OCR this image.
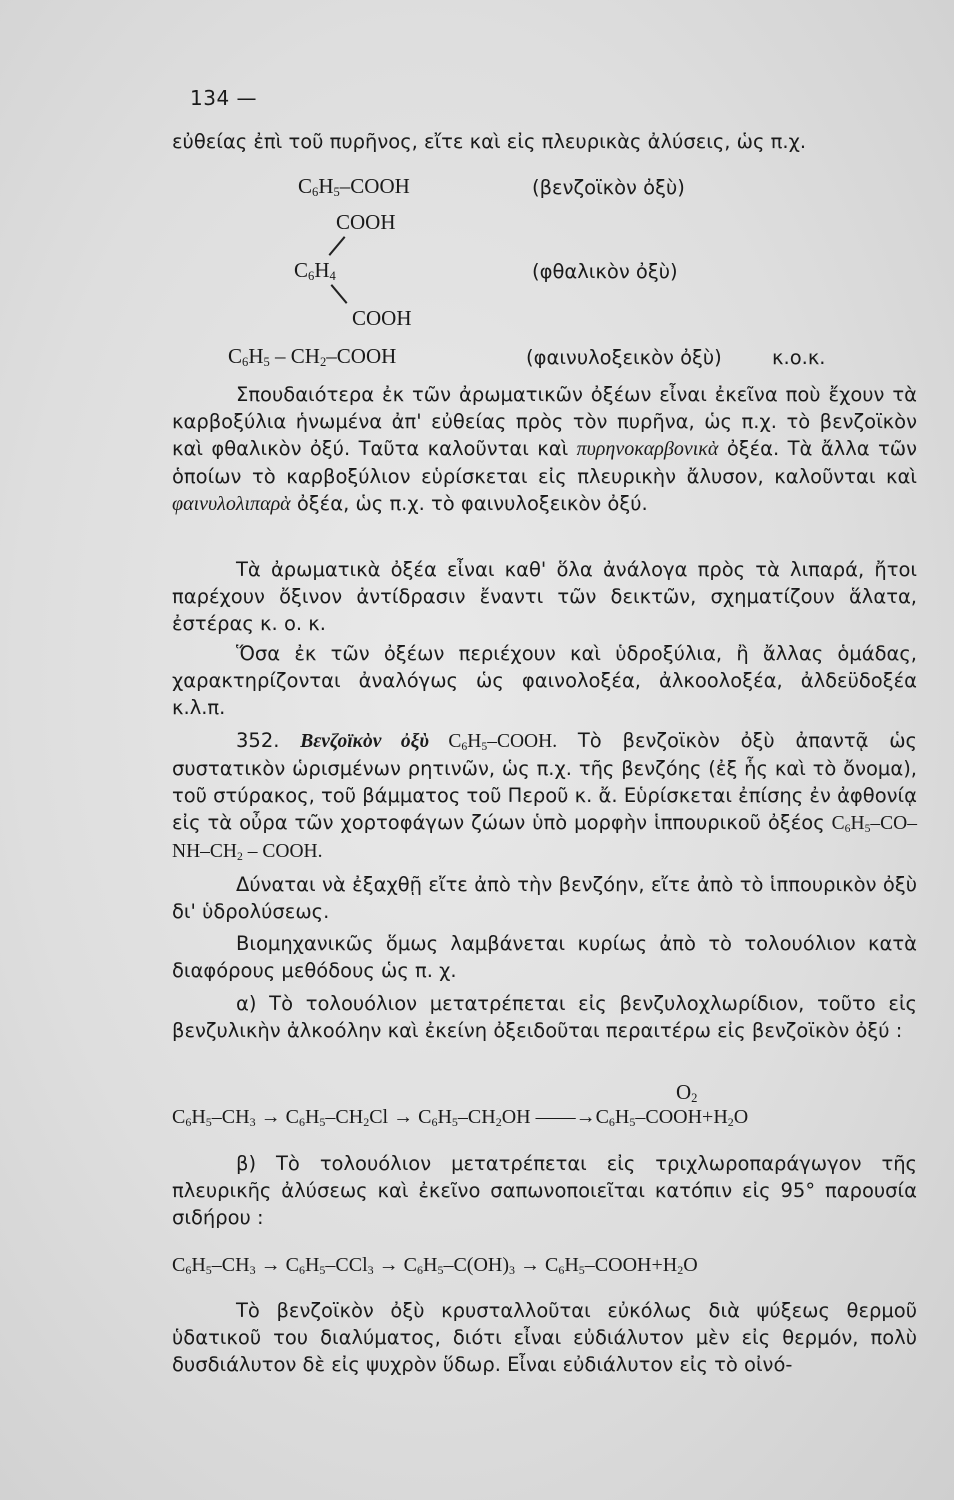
134 —

εὐθείας ἐπὶ τοῦ πυρῆνος, εἴτε καὶ εἰς πλευρικὰς ἀλύσεις, ὡς π.χ.

$C_6H_5$–COOH	(βενζοϊκὸν ὀξὺ)
COOH
$C_6H_4$	(φθαλικὸν ὀξὺ)
COOH
$C_6H_5$ – $CH_2$–COOH	(φαινυλοξεικὸν ὀξὺ)	κ.ο.κ.

Σπουδαιότερα ἐκ τῶν ἀρωματικῶν ὀξέων εἶναι ἐκεῖνα ποὺ ἔχουν τὰ καρβοξύλια ἡνωμένα ἀπ' εὐθείας πρὸς τὸν πυρῆνα, ὡς π.χ. τὸ βενζοϊκὸν καὶ φθαλικὸν ὀξύ. Ταῦτα καλοῦνται καὶ πυρηνοκαρβονικὰ ὀξέα. Τὰ ἄλλα τῶν ὁποίων τὸ καρβοξύλιον εὑρίσκεται εἰς πλευρικὴν ἄλυσον, καλοῦνται καὶ φαινυλολιπαρὰ ὀξέα, ὡς π.χ. τὸ φαινυλοξεικὸν ὀξύ.

Τὰ ἀρωματικὰ ὀξέα εἶναι καθ' ὅλα ἀνάλογα πρὸς τὰ λιπαρά, ἤτοι παρέχουν ὄξινον ἀντίδρασιν ἔναντι τῶν δεικτῶν, σχηματίζουν ἅλατα, ἐστέρας κ. ο. κ.

Ὅσα ἐκ τῶν ὀξέων περιέχουν καὶ ὑδροξύλια, ἢ ἄλλας ὁμάδας, χαρακτηρίζονται ἀναλόγως ὡς φαινολοξέα, ἀλκοολοξέα, ἀλδεϋδοξέα κ.λ.π.

352. Βενζοϊκὸν ὀξὺ $C_6H_5$–COOH. Τὸ βενζοϊκὸν ὀξὺ ἀπαντᾷ ὡς συστατικὸν ὡρισμένων ρητινῶν, ὡς π.χ. τῆς βενζόης (ἐξ ἧς καὶ τὸ ὄνομα), τοῦ στύρακος, τοῦ βάμματος τοῦ Περοῦ κ. ἄ. Εὑρίσκεται ἐπίσης ἐν ἀφθονίᾳ εἰς τὰ οὖρα τῶν χορτοφάγων ζώων ὑπὸ μορφὴν ἱππουρικοῦ ὀξέος $C_6H_5-CO-NH-CH_2$ – COOH.

Δύναται νὰ ἐξαχθῇ εἴτε ἀπὸ τὴν βενζόην, εἴτε ἀπὸ τὸ ἱππουρικὸν ὀξὺ δι' ὑδρολύσεως.

Βιομηχανικῶς ὅμως λαμβάνεται κυρίως ἀπὸ τὸ τολουόλιον κατὰ διαφόρους μεθόδους ὡς π. χ.

α) Τὸ τολουόλιον μετατρέπεται εἰς βενζυλοχλωρίδιον, τοῦτο εἰς βενζυλικὴν ἀλκοόλην καὶ ἐκείνη ὀξειδοῦται περαιτέρω εἰς βενζοϊκὸν ὀξύ :

$O_2$
$C_6H_5-CH_3 \to C_6H_5-CH_2Cl \to C_6H_5-CH_2OH$ $——\to C_6H_5-COOH+H_2O$

β) Τὸ τολουόλιον μετατρέπεται εἰς τριχλωροπαράγωγον τῆς πλευρικῆς ἀλύσεως καὶ ἐκεῖνο σαπωνοποιεῖται κατόπιν εἰς 95° παρουσία σιδήρου :

$C_6H_5-CH_3 \to C_6H_5-CCl_3 \to C_6H_5-C(OH)_3$ → $C_6H_5-COOH+H_2O$

Τὸ βενζοϊκὸν ὀξὺ κρυσταλλοῦται εὐκόλως διὰ ψύξεως θερμοῦ ὑδατικοῦ του διαλύματος, διότι εἶναι εὐδιάλυτον μὲν εἰς θερμόν, πολὺ δυσδιάλυτον δὲ εἰς ψυχρὸν ὕδωρ. Εἶναι εὐδιάλυτον εἰς τὸ οἰνό-
